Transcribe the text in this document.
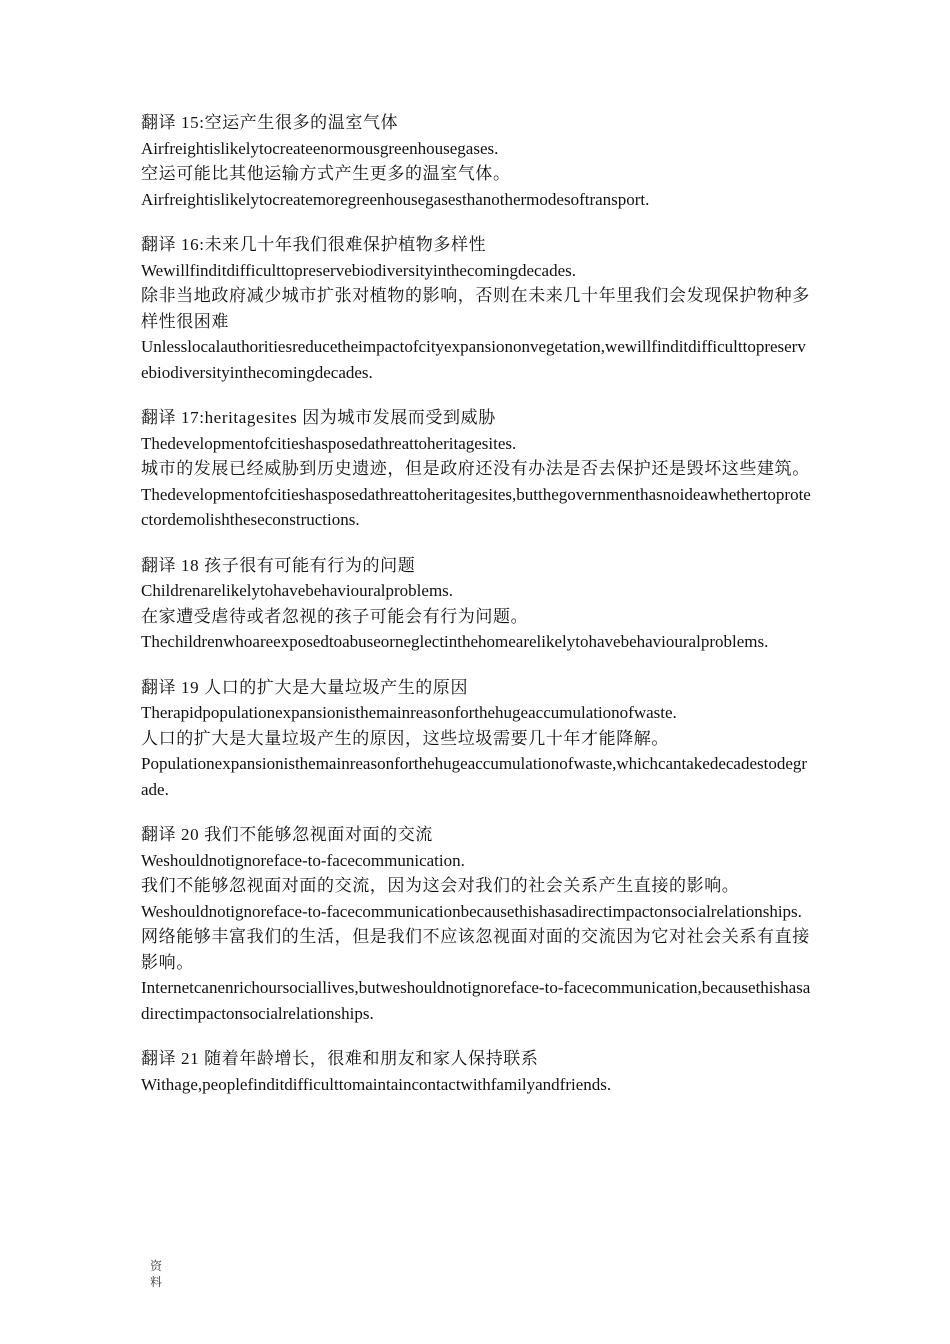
翻译 15:空运产生很多的温室气体
Airfreightislikelytocreateenormousgreenhousegases.
空运可能比其他运输方式产生更多的温室气体。
Airfreightislikelytocreatemoregreenhousegasesthanothermodesoftransport.
翻译 16:未来几十年我们很难保护植物多样性
Wewillfinditdifficulttopreservebiodiversityinthecomingdecades.
除非当地政府减少城市扩张对植物的影响，否则在未来几十年里我们会发现保护物种多样性很困难
Unlesslocalauthoritiesreducetheimpactofcityexpansiononvegetation,wewillfinditdifficulttopreservebiodiversityinthecomingdecades.
翻译 17:heritagesites 因为城市发展而受到威胁
Thedevelopmentofcitieshasposedathreattoheritagesites.
城市的发展已经威胁到历史遗迹，但是政府还没有办法是否去保护还是毁坏这些建筑。
Thedevelopmentofcitieshasposedathreattoheritagesites,butthegovernmenthasnoideawhethertoprotectordemolishtheseconstructions.
翻译 18 孩子很有可能有行为的问题
Childrenarelikelytohavebehaviouralproblems.
在家遭受虐待或者忽视的孩子可能会有行为问题。
Thechildrenwhoareexposedtoabuseorneglectinthehomearelikelytohavebehaviouralproblems.
翻译 19 人口的扩大是大量垃圾产生的原因
Therapidpopulationexpansionisthemainreasonforthehugeaccumulationofwaste.
人口的扩大是大量垃圾产生的原因，这些垃圾需要几十年才能降解。
Populationexpansionisthemainreasonforthehugeaccumulationofwaste,whichcantakedecadestodegrade.
翻译 20 我们不能够忽视面对面的交流
Weshouldnotignoreface-to-facecommunication.
我们不能够忽视面对面的交流，因为这会对我们的社会关系产生直接的影响。
Weshouldnotignoreface-to-facecommunicationbecausethishasadirectimpactonsocialrelationships.
网络能够丰富我们的生活，但是我们不应该忽视面对面的交流因为它对社会关系有直接影响。
Internetcanenrichoursociallives,butweshouldnotignoreface-to-facecommunication,becausethishasadirectimpactonsocialrelationships.
翻译 21 随着年龄增长，很难和朋友和家人保持联系
Withage,peoplefinditdifficulttomaintaincontactwithfamilyandfriends.
资料
